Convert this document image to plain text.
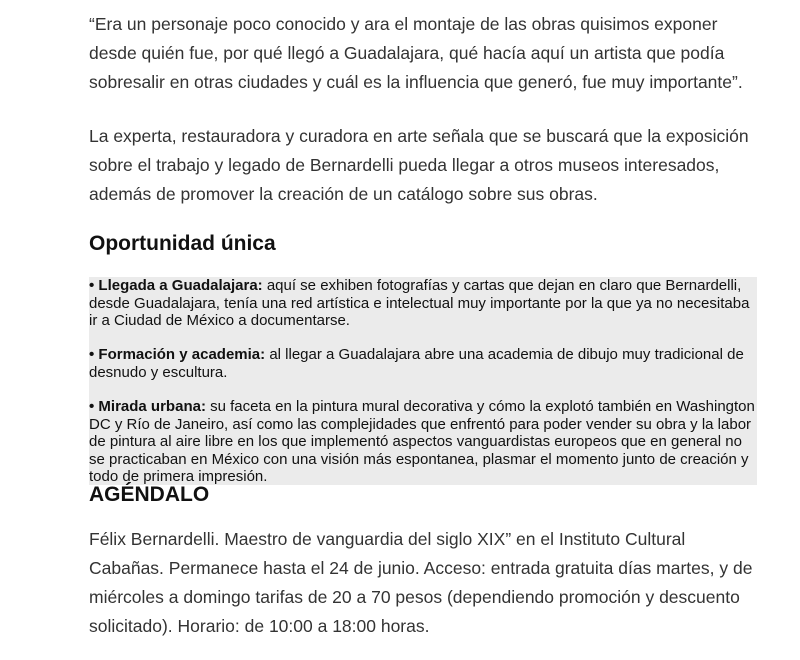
“Era un personaje poco conocido y ara el montaje de las obras quisimos exponer desde quién fue, por qué llegó a Guadalajara, qué hacía aquí un artista que podía sobresalir en otras ciudades y cuál es la influencia que generó, fue muy importante”.

La experta, restauradora y curadora en arte señala que se buscará que la exposición sobre el trabajo y legado de Bernardelli pueda llegar a otros museos interesados, además de promover la creación de un catálogo sobre sus obras.

Oportunidad única

• Llegada a Guadalajara: aquí se exhiben fotografías y cartas que dejan en claro que Bernardelli, desde Guadalajara, tenía una red artística e intelectual muy importante por la que ya no necesitaba ir a Ciudad de México a documentarse.

• Formación y academia: al llegar a Guadalajara abre una academia de dibujo muy tradicional de desnudo y escultura.

• Mirada urbana: su faceta en la pintura mural decorativa y cómo la explotó también en Washington DC y Río de Janeiro, así como las complejidades que enfrentó para poder vender su obra y la labor de pintura al aire libre en los que implementó aspectos vanguardistas europeos que en general no se practicaban en México con una visión más espontanea, plasmar el momento junto de creación y todo de primera impresión.

AGÉNDALO

Félix Bernardelli. Maestro de vanguardia del siglo XIX” en el Instituto Cultural Cabañas. Permanece hasta el 24 de junio. Acceso: entrada gratuita días martes, y de miércoles a domingo tarifas de 20 a 70 pesos (dependiendo promoción y descuento solicitado). Horario: de 10:00 a 18:00 horas.
